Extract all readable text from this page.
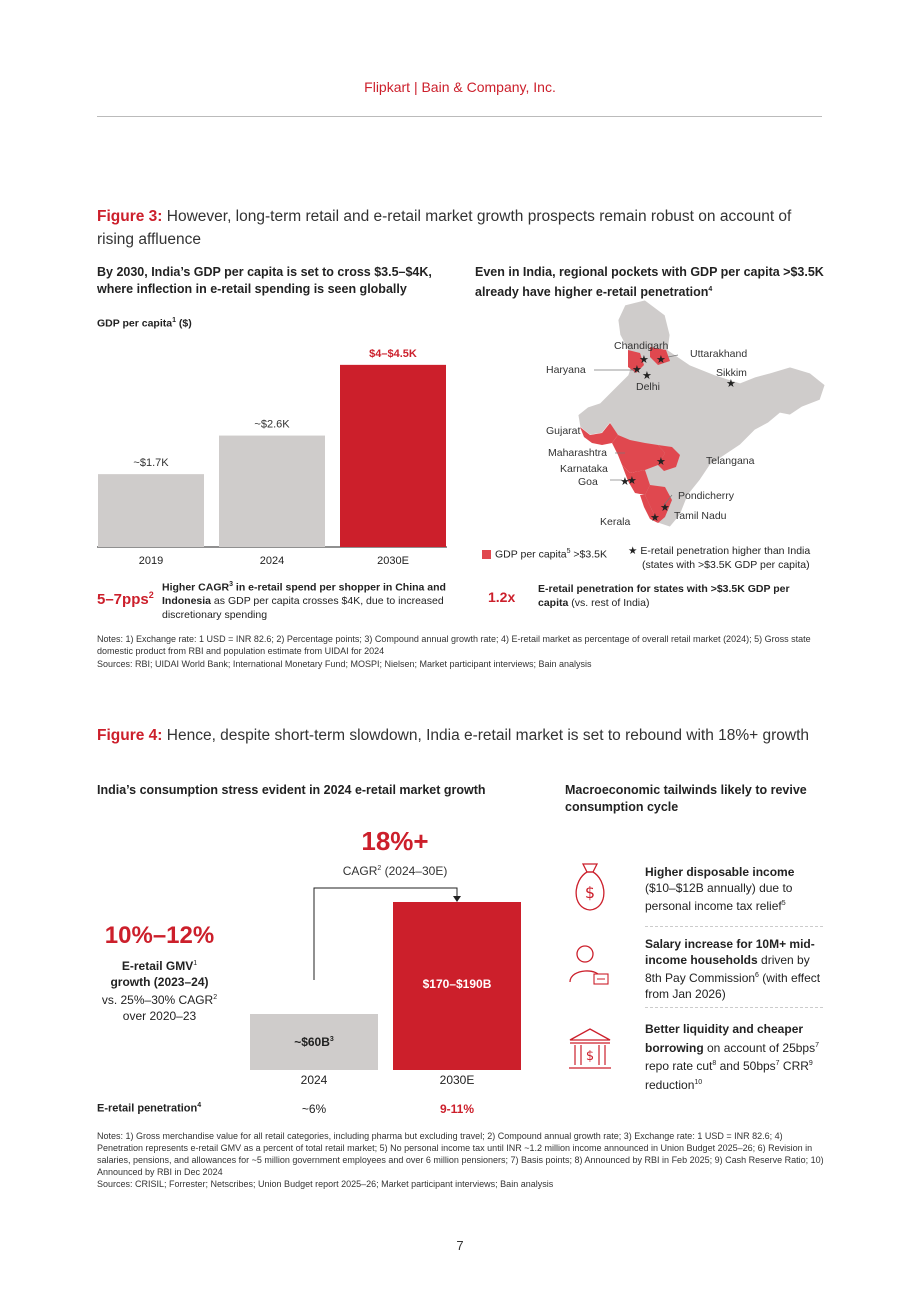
Flipkart | Bain & Company, Inc.
Figure 3: However, long-term retail and e-retail market growth prospects remain robust on account of rising affluence
By 2030, India’s GDP per capita is set to cross $3.5–$4K, where inflection in e-retail spending is seen globally
GDP per capita$^1$ ($)
~$1.7K
2019
~$2.6K
2024
$4–$4.5K
2030E
5–7pps$^2$
Higher CAGR$^3$ in e-retail spend per shopper in China and Indonesia as GDP per capita crosses $4K, due to increased discretionary spending
Even in India, regional pockets with GDP per capita >$3.5K already have higher e-retail penetration$^4$
★ ★
★ ★
★
★
★
★
★
★
Chandigarh
Uttarakhand
Haryana	Sikkim
Delhi
Gujarat
Maharashtra
Telangana
Karnataka
Goa
Pondicherry
Tamil Nadu
Kerala
GDP per capita$^5$ >$3.5K	★ E-retail penetration higher than India (states with >$3.5K GDP per capita)
1.2x E-retail penetration for states with >$3.5K GDP per capita (vs. rest of India)
Notes: 1) Exchange rate: 1 USD = INR 82.6; 2) Percentage points; 3) Compound annual growth rate; 4) E-retail market as percentage of overall retail market (2024); 5) Gross state domestic product from RBI and population estimate from UIDAI for 2024
Sources: RBI; UIDAI World Bank; International Monetary Fund; MOSPI; Nielsen; Market participant interviews; Bain analysis
Figure 4: Hence, despite short-term slowdown, India e-retail market is set to rebound with 18%+ growth
India’s consumption stress evident in 2024 e-retail market growth	Macroeconomic tailwinds likely to revive consumption cycle
18%+
$CAGR^2$ (2024–30E)
$\sim\$60B^3$
2024
$170–$190B
2030E
10%–12%
E-retail GMV$^1$
growth (2023–24)
vs. 25%–30% CAGR$^2$
over 2020–23
E-retail penetration$^4$	~6%	9-11%
$
$
Higher disposable income ($10–$12B annually) due to personal income tax relief$^5$
Salary increase for 10M+ mid-income households driven by 8th Pay Commission$^6$ (with effect from Jan 2026)
Better liquidity and cheaper borrowing on account of 25bps$^7$ repo rate cut$^8$ and 50bps$^7$ CRR$^9$ reduction$^{10}$
Notes: 1) Gross merchandise value for all retail categories, including pharma but excluding travel; 2) Compound annual growth rate; 3) Exchange rate: 1 USD = INR 82.6; 4) Penetration represents e-retail GMV as a percent of total retail market; 5) No personal income tax until INR ~1.2 million income announced in Union Budget 2025–26; 6) Revision in salaries, pensions, and allowances for ~5 million government employees and over 6 million pensioners; 7) Basis points; 8) Announced by RBI in Feb 2025; 9) Cash Reserve Ratio; 10) Announced by RBI in Dec 2024
Sources: CRISIL; Forrester; Netscribes; Union Budget report 2025–26; Market participant interviews; Bain analysis
7
